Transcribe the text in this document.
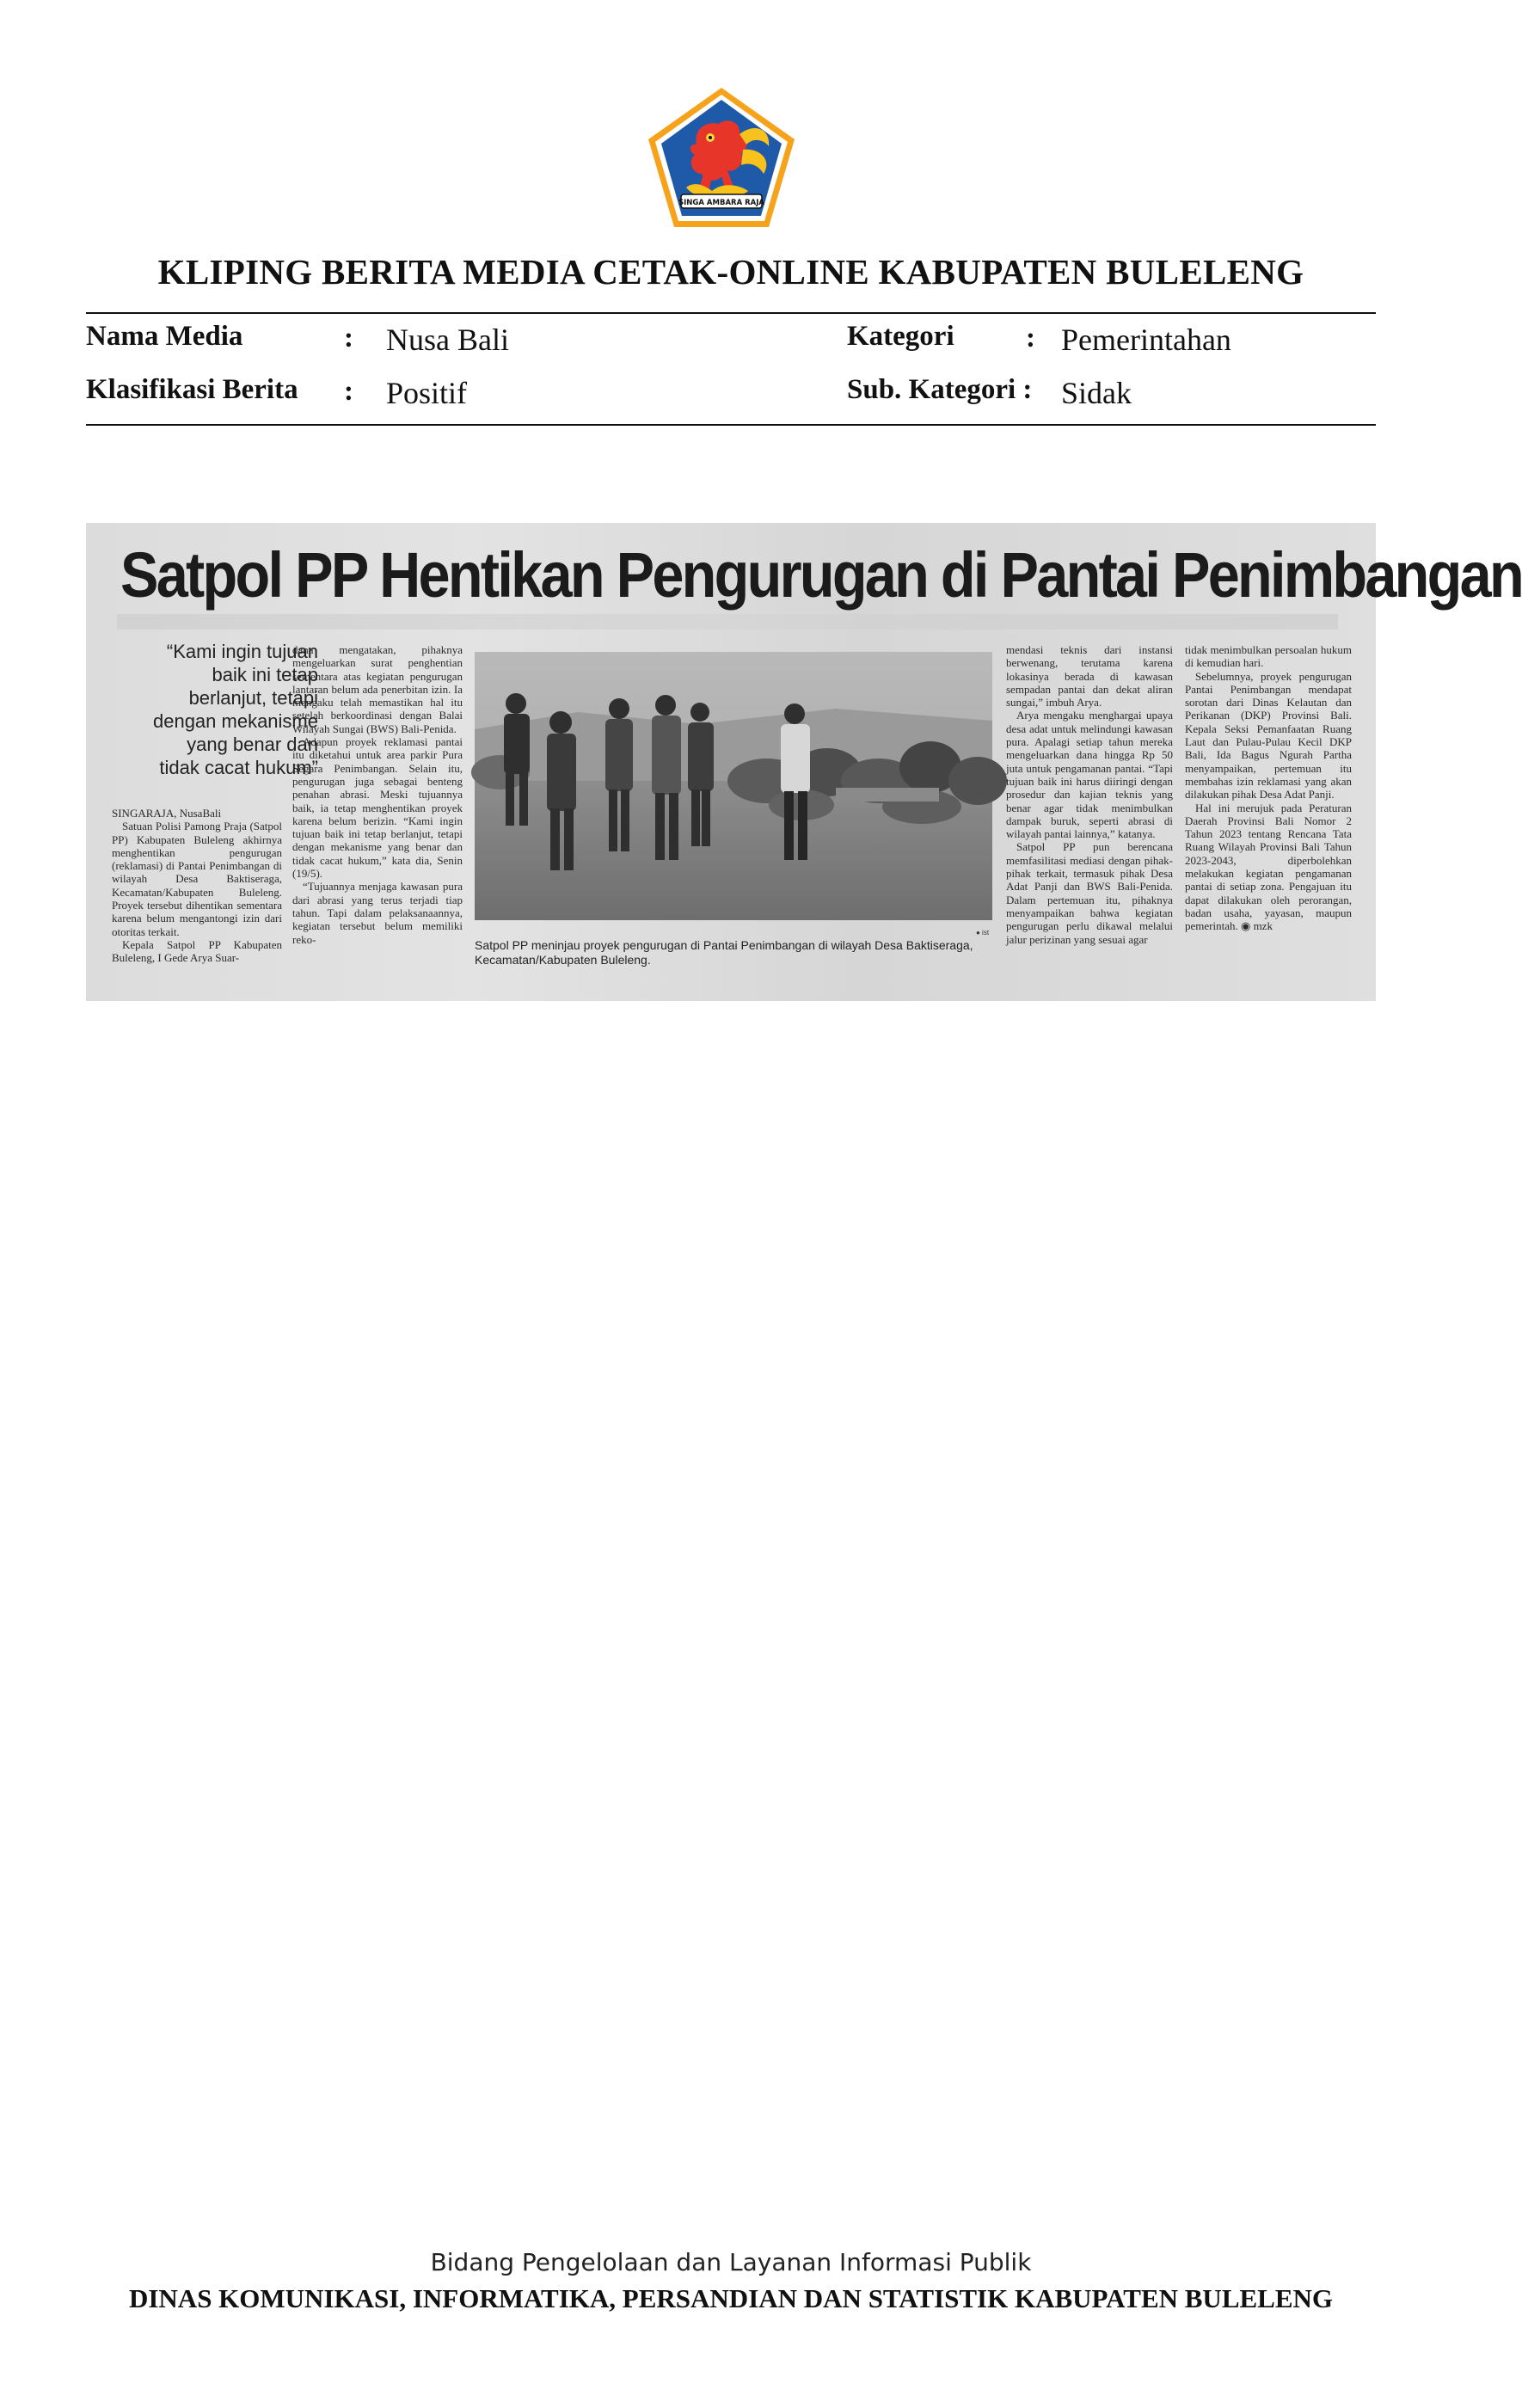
SINGA AMBARA RAJA
KLIPING BERITA MEDIA CETAK-ONLINE KABUPATEN BULELENG
Nama Media	: Nusa Bali	Kategori	: Pemerintahan
Klasifikasi Berita : Positif	Sub. Kategori : Sidak
Satpol PP Hentikan Pengurugan di Pantai Penimbangan
“Kami ingin tujuan baik ini tetap berlanjut, tetapi dengan mekanisme yang benar dan tidak cacat hukum”

SINGARAJA, NusaBali

Satuan Polisi Pamong Praja (Satpol PP) Kabupaten Buleleng akhirnya menghentikan pengurugan (reklamasi) di Pantai Penimbangan di wilayah Desa Baktiseraga, Kecamatan/Kabupaten Buleleng. Proyek tersebut dihentikan sementara karena belum mengantongi izin dari otoritas terkait.

Kepala Satpol PP Kabupaten Buleleng, I Gede Arya Suar-

dana mengatakan, pihaknya mengeluarkan surat penghentian sementara atas kegiatan pengurugan lantaran belum ada penerbitan izin. Ia mengaku telah memastikan hal itu setelah berkoordinasi dengan Balai Wilayah Sungai (BWS) Bali-Penida.

Adapun proyek reklamasi pantai itu diketahui untuk area parkir Pura Segara Penimbangan. Selain itu, pengurugan juga sebagai benteng penahan abrasi. Meski tujuannya baik, ia tetap menghentikan proyek karena belum berizin. “Kami ingin tujuan baik ini tetap berlanjut, tetapi dengan mekanisme yang benar dan tidak cacat hukum,” kata dia, Senin (19/5).

“Tujuannya menjaga kawasan pura dari abrasi yang terus terjadi tiap tahun. Tapi dalam pelaksanaannya, kegiatan tersebut belum memiliki reko-

● ist
Satpol PP meninjau proyek pengurugan di Pantai Penimbangan di wilayah Desa Baktiseraga, Kecamatan/Kabupaten Buleleng.

mendasi teknis dari instansi berwenang, terutama karena lokasinya berada di kawasan sempadan pantai dan dekat aliran sungai,” imbuh Arya.

Arya mengaku menghargai upaya desa adat untuk melindungi kawasan pura. Apalagi setiap tahun mereka mengeluarkan dana hingga Rp 50 juta untuk pengamanan pantai. “Tapi tujuan baik ini harus diiringi dengan prosedur dan kajian teknis yang benar agar tidak menimbulkan dampak buruk, seperti abrasi di wilayah pantai lainnya,” katanya.

Satpol PP pun berencana memfasilitasi mediasi dengan pihak-pihak terkait, termasuk pihak Desa Adat Panji dan BWS Bali-Penida. Dalam pertemuan itu, pihaknya menyampaikan bahwa kegiatan pengurugan perlu dikawal melalui jalur perizinan yang sesuai agar

tidak menimbulkan persoalan hukum di kemudian hari.

Sebelumnya, proyek pengurugan Pantai Penimbangan mendapat sorotan dari Dinas Kelautan dan Perikanan (DKP) Provinsi Bali. Kepala Seksi Pemanfaatan Ruang Laut dan Pulau-Pulau Kecil DKP Bali, Ida Bagus Ngurah Partha menyampaikan, pertemuan itu membahas izin reklamasi yang akan dilakukan pihak Desa Adat Panji.

Hal ini merujuk pada Peraturan Daerah Provinsi Bali Nomor 2 Tahun 2023 tentang Rencana Tata Ruang Wilayah Provinsi Bali Tahun 2023-2043, diperbolehkan melakukan kegiatan pengamanan pantai di setiap zona. Pengajuan itu dapat dilakukan oleh perorangan, badan usaha, yayasan, maupun pemerintah. ◉ mzk

Bidang Pengelolaan dan Layanan Informasi Publik
DINAS KOMUNIKASI, INFORMATIKA, PERSANDIAN DAN STATISTIK KABUPATEN BULELENG
